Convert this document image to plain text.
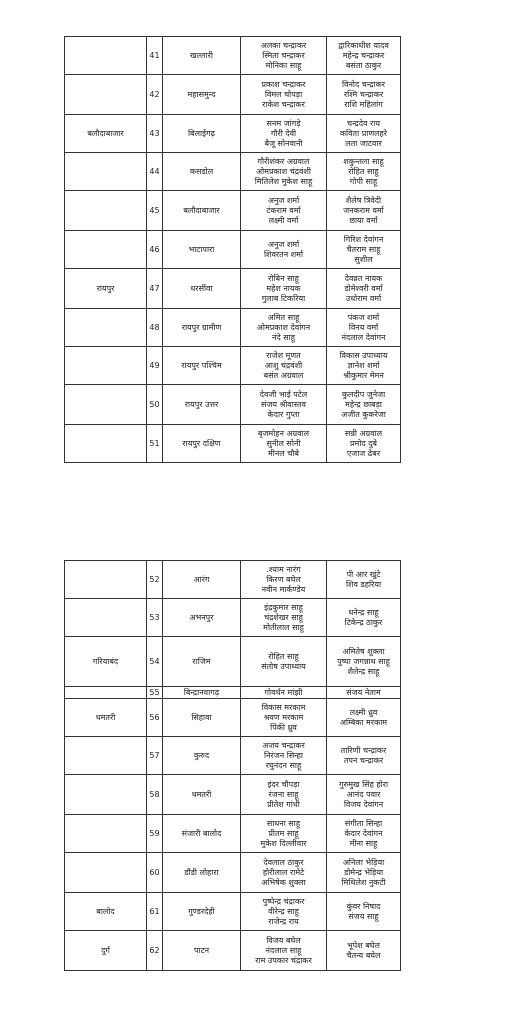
	41	खल्लारी	अलका चन्द्राकर
स्मिता चन्द्राकर
मोनिका साहू	द्वारिकाधीश यादव
महेन्द्र चन्द्राकर
बसंता ठाकुर

	42	महासमुन्द	प्रकाश चन्द्राकर
विमल चोपड़ा
राकेश चन्द्राकर	विनोद चन्द्राकर
रश्मि चन्द्राकर
राशि महिलांग

बलौदाबाजार	43	बिलाईगढ़	सनम जांगड़े
गौरी देवी
बैजू सोनवानी	चन्द्रदेव राय
कविता प्राणलहरे
लता जाटवार

	44	कसडोल	गौरीशंकर अग्रवाल
ओमप्रकाश चंद्रवंशी
मितिलेश मुकेश साहू	शकुन्तला साहू
रोहित साहू
गोपी साहू

	45	बलौदाबाजार	अनुज शर्मा
टंकराम वर्मा
लक्ष्मी वर्मा	शैलेष त्रिवेदी
जनकराम वर्मा
छाया वर्मा

	46	भाटापारा	अनुज शर्मा
शिवरतन शर्मा	गिरिश देवांगन
चैतराम साहू
सुशील

रायपुर	47	धरसींवा	रोबिन साहू
महेश नायक
गुलाब टिकरिया	देवव्रत नायक
डोमेश्वरी वर्मा
उधोराम वर्मा

	48	रायपुर ग्रामीण	अमित साहू
ओमप्रकाश देवांगन
नंदे साहू	पंकज शर्मा
विनय वर्मा
नंदलाल देवांगन

	49	रायपुर पश्चिम	राजेश मूणत
आशु चंद्रवंशी
बसंत अग्रवाल	विकास उपाध्याय
ज्ञानेश शर्मा
श्रीकुमार मेमन

	50	रायपुर उत्तर	देवजी भाई पटेल
संजय श्रीवास्तव
केदार गुप्ता	कुलदीप जुनेजा
महेन्द्र छाबड़ा
अजीत कुकरेजा

	51	रायपुर दक्षिण	बृजमोहन अग्रवाल
सुनील सोनी
मीनल चौबे	सन्नी अग्रवाल
प्रमोद दुबे
एजाज ढेबर
	52	आरंग	.श्याम नारंग
किरण बघेल
नवीन मार्कण्डेय	पी आर खुंटे
शिव डहरिया

	53	अभनपुर	इंद्रकुमार साहू
चंद्रशेखर साहू
मोतीलाल साहू	धनेन्द्र साहू
टिकेन्द्र ठाकुर

गरियाबंद	54	राजिम	रोहित साहू
संतोष उपाध्याय	अमितेष शुक्ला
पुष्पा जगन्नाथ साहू
शैलेन्द्र साहू

	55	बिन्द्रानवागढ़	गोवर्धन मांझी	संजय नेताम

धमतरी	56	सिहावा	विकास मरकाम
श्रवण मरकाम
पिंकी ध्रुव	लक्ष्मी ध्रुव
अम्बिका मरकाम

	57	कुरुद	अजय चन्द्राकर
निरंजन सिन्हा
रघुनंदन साहू	तारिणी चन्द्राकर
तपन चन्द्राकर

	58	धमतरी	इंदर चौपड़ा
रंजना साहू
प्रीतेश गांधी	गुरुमुख सिंह होरा
आनंद पवार
विजय देवांगन

	59	संजारी बालोद	साधना साहू
प्रीतम साहू
मुकेश दिल्लीवार	संगीता सिन्हा
केदार देवांगन
मीना साहू

	60	डौंडी लोहारा	देवलाल ठाकुर
होरीलाल रामेटे
अभिषेक शुक्ला	अनिला भेड़िया
डोमेन्द्र भेड़िया
मिथिलेश नुकटी

बालोद	61	गुण्डरदेही	पुष्पेन्द्र चंद्राकर
वीरेन्द्र साहू
राजेन्द्र राय	कुंवर निषाद
संजय साहू

दुर्ग	62	पाटन	विजय बघेल
नंदलाल साहू
राम उपकार चंद्राकर	भूपेश बघेल
चैतन्य बघेल
